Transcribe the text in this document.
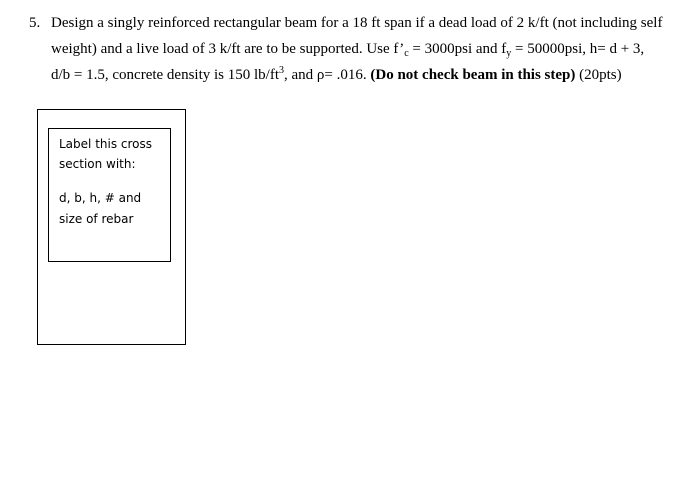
5. Design a singly reinforced rectangular beam for a 18 ft span if a dead load of 2 k/ft (not including self
weight) and a live load of 3 k/ft are to be supported. Use $f’_c = 3000psi$ and $f_y = 50000psi$, h= d + 3,
d/b = 1.5, concrete density is 150 $lb/ft^3$, and ρ= .016. (Do not check beam in this step) (20pts)
Label this cross
section with:
d, b, h, # and
size of rebar
